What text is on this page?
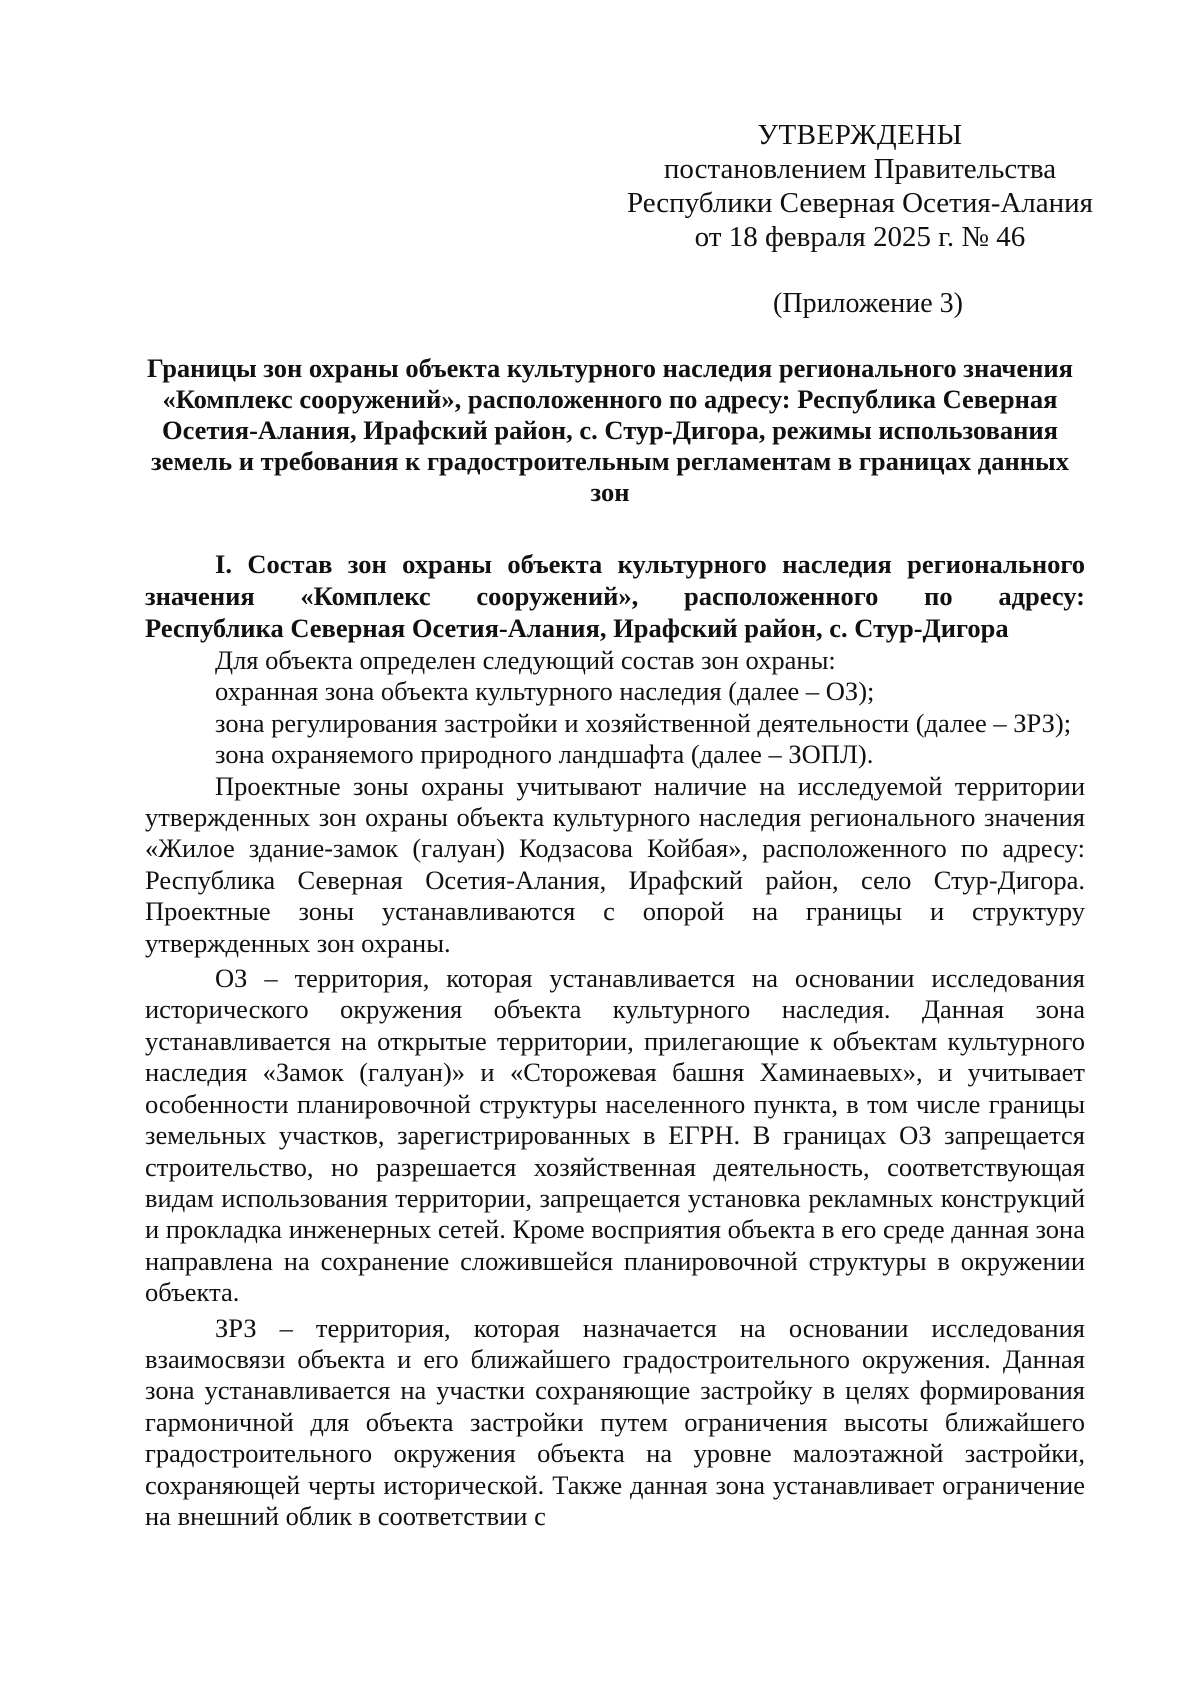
УТВЕРЖДЕНЫ
постановлением Правительства
Республики Северная Осетия-Алания
от 18 февраля 2025 г. № 46
(Приложение 3)
Границы зон охраны объекта культурного наследия регионального значения «Комплекс сооружений», расположенного по адресу: Республика Северная Осетия-Алания, Ирафский район, с. Стур-Дигора, режимы использования земель и требования к градостроительным регламентам в границах данных зон
I. Состав зон охраны объекта культурного наследия регионального
значения «Комплекс сооружений», расположенного по адресу:
Республика Северная Осетия-Алания, Ирафский район, с. Стур-Дигора

Для объекта определен следующий состав зон охраны:

охранная зона объекта культурного наследия (далее – ОЗ);

зона регулирования застройки и хозяйственной деятельности (далее – ЗРЗ);

зона охраняемого природного ландшафта (далее – ЗОПЛ).

Проектные зоны охраны учитывают наличие на исследуемой территории утвержденных зон охраны объекта культурного наследия регионального значения «Жилое здание-замок (галуан) Кодзасова Койбая», расположенного по адресу: Республика Северная Осетия-Алания, Ирафский район, село Стур-Дигора. Проектные зоны устанавливаются с опорой на границы и структуру утвержденных зон охраны.

ОЗ – территория, которая устанавливается на основании исследования исторического окружения объекта культурного наследия. Данная зона устанавливается на открытые территории, прилегающие к объектам культурного наследия «Замок (галуан)» и «Сторожевая башня Хаминаевых», и учитывает особенности планировочной структуры населенного пункта, в том числе границы земельных участков, зарегистрированных в ЕГРН. В границах ОЗ запрещается строительство, но разрешается хозяйственная деятельность, соответствующая видам использования территории, запрещается установка рекламных конструкций и прокладка инженерных сетей. Кроме восприятия объекта в его среде данная зона направлена на сохранение сложившейся планировочной структуры в окружении объекта.

ЗРЗ – территория, которая назначается на основании исследования взаимосвязи объекта и его ближайшего градостроительного окружения. Данная зона устанавливается на участки сохраняющие застройку в целях формирования гармоничной для объекта застройки путем ограничения высоты ближайшего градостроительного окружения объекта на уровне малоэтажной застройки, сохраняющей черты исторической. Также данная зона устанавливает ограничение на внешний облик в соответствии с
